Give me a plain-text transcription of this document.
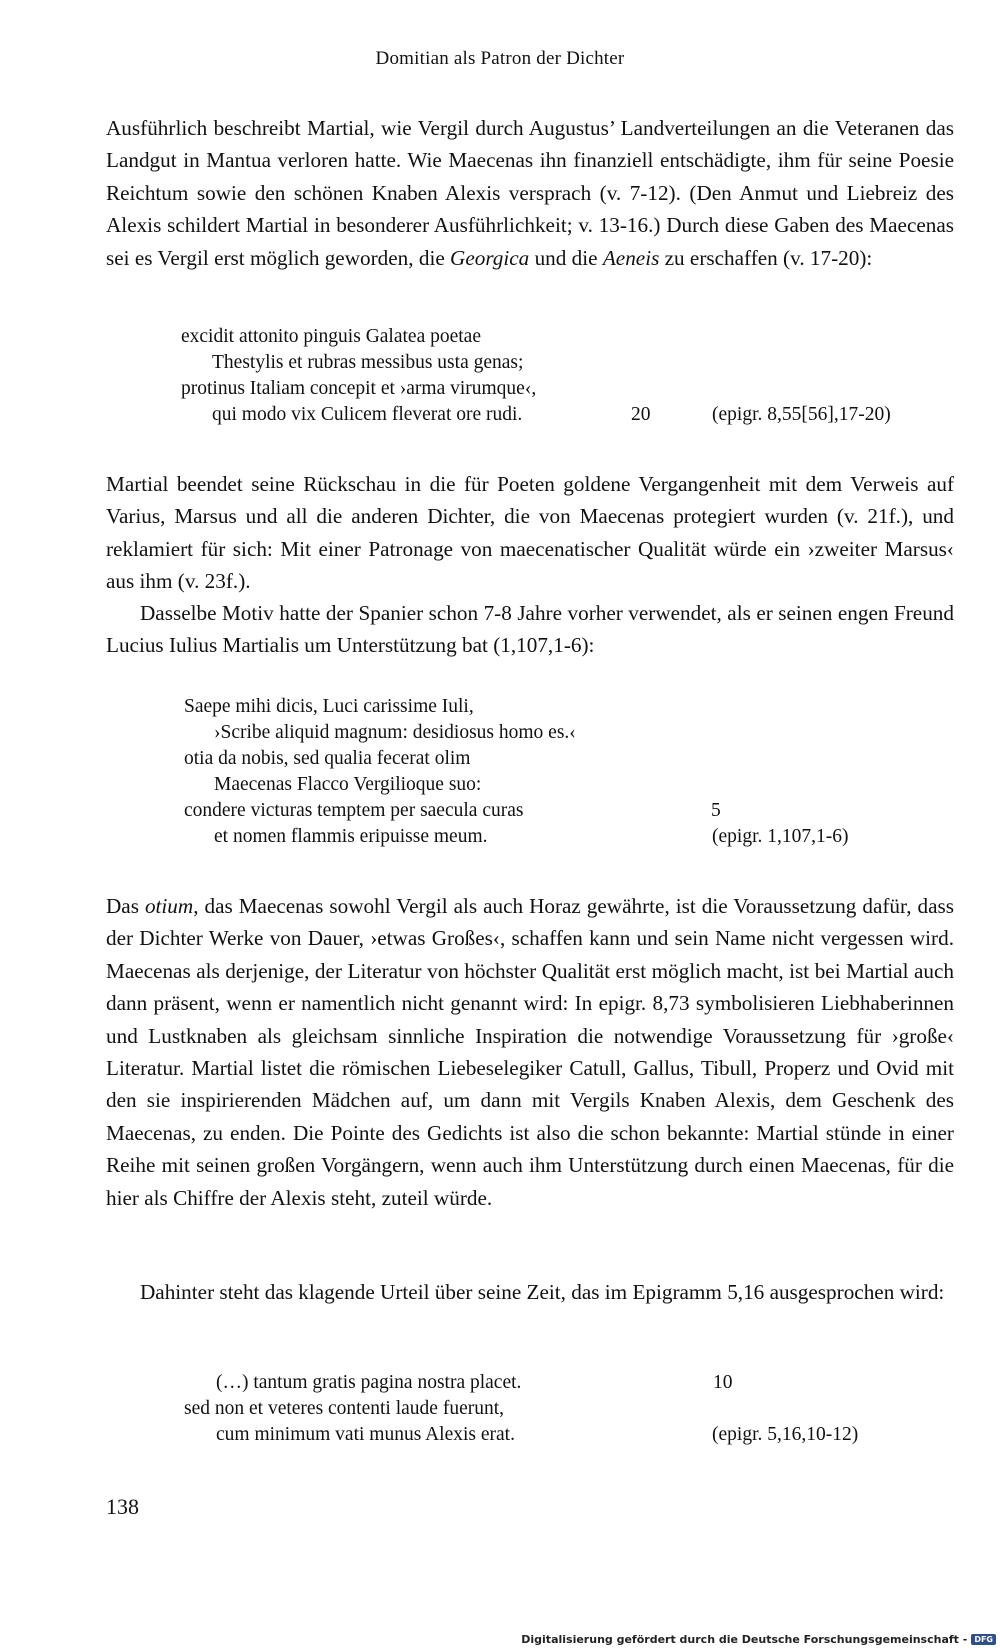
Domitian als Patron der Dichter

Ausführlich beschreibt Martial, wie Vergil durch Augustus’ Landverteilungen an die Veteranen das Landgut in Mantua verloren hatte. Wie Maecenas ihn finanziell entschädigte, ihm für seine Poesie Reichtum sowie den schönen Knaben Alexis versprach (v. 7-12). (Den Anmut und Liebreiz des Alexis schildert Martial in besonderer Ausführlichkeit; v. 13-16.) Durch diese Gaben des Maecenas sei es Vergil erst möglich geworden, die Georgica und die Aeneis zu erschaffen (v. 17-20):

excidit attonito pinguis Galatea poetae
Thestylis et rubras messibus usta genas;
protinus Italiam concepit et ›arma virumque‹,
qui modo vix Culicem fleverat ore rudi.	20	(epigr. 8,55[56],17-20)

Martial beendet seine Rückschau in die für Poeten goldene Vergangenheit mit dem Verweis auf Varius, Marsus und all die anderen Dichter, die von Maecenas protegiert wurden (v. 21f.), und reklamiert für sich: Mit einer Patronage von maecenatischer Qualität würde ein ›zweiter Marsus‹ aus ihm (v. 23f.).

Dasselbe Motiv hatte der Spanier schon 7-8 Jahre vorher verwendet, als er seinen engen Freund Lucius Iulius Martialis um Unterstützung bat (1,107,1-6):

Saepe mihi dicis, Luci carissime Iuli,
›Scribe aliquid magnum: desidiosus homo es.‹
otia da nobis, sed qualia fecerat olim
Maecenas Flacco Vergilioque suo:
condere victuras temptem per saecula curas	5
et nomen flammis eripuisse meum.	(epigr. 1,107,1-6)

Das otium, das Maecenas sowohl Vergil als auch Horaz gewährte, ist die Voraussetzung dafür, dass der Dichter Werke von Dauer, ›etwas Großes‹, schaffen kann und sein Name nicht vergessen wird. Maecenas als derjenige, der Literatur von höchster Qualität erst möglich macht, ist bei Martial auch dann präsent, wenn er namentlich nicht genannt wird: In epigr. 8,73 symbolisieren Liebhaberinnen und Lustknaben als gleichsam sinnliche Inspiration die notwendige Voraussetzung für ›große‹ Literatur. Martial listet die römischen Liebeselegiker Catull, Gallus, Tibull, Properz und Ovid mit den sie inspirierenden Mädchen auf, um dann mit Vergils Knaben Alexis, dem Geschenk des Maecenas, zu enden. Die Pointe des Gedichts ist also die schon bekannte: Martial stünde in einer Reihe mit seinen großen Vorgängern, wenn auch ihm Unterstützung durch einen Maecenas, für die hier als Chiffre der Alexis steht, zuteil würde.

Dahinter steht das klagende Urteil über seine Zeit, das im Epigramm 5,16 ausgesprochen wird:

(…) tantum gratis pagina nostra placet.	10
sed non et veteres contenti laude fuerunt,
cum minimum vati munus Alexis erat.	(epigr. 5,16,10-12)
138
Digitalisierung gefördert durch die Deutsche Forschungsgemeinschaft - DFG
